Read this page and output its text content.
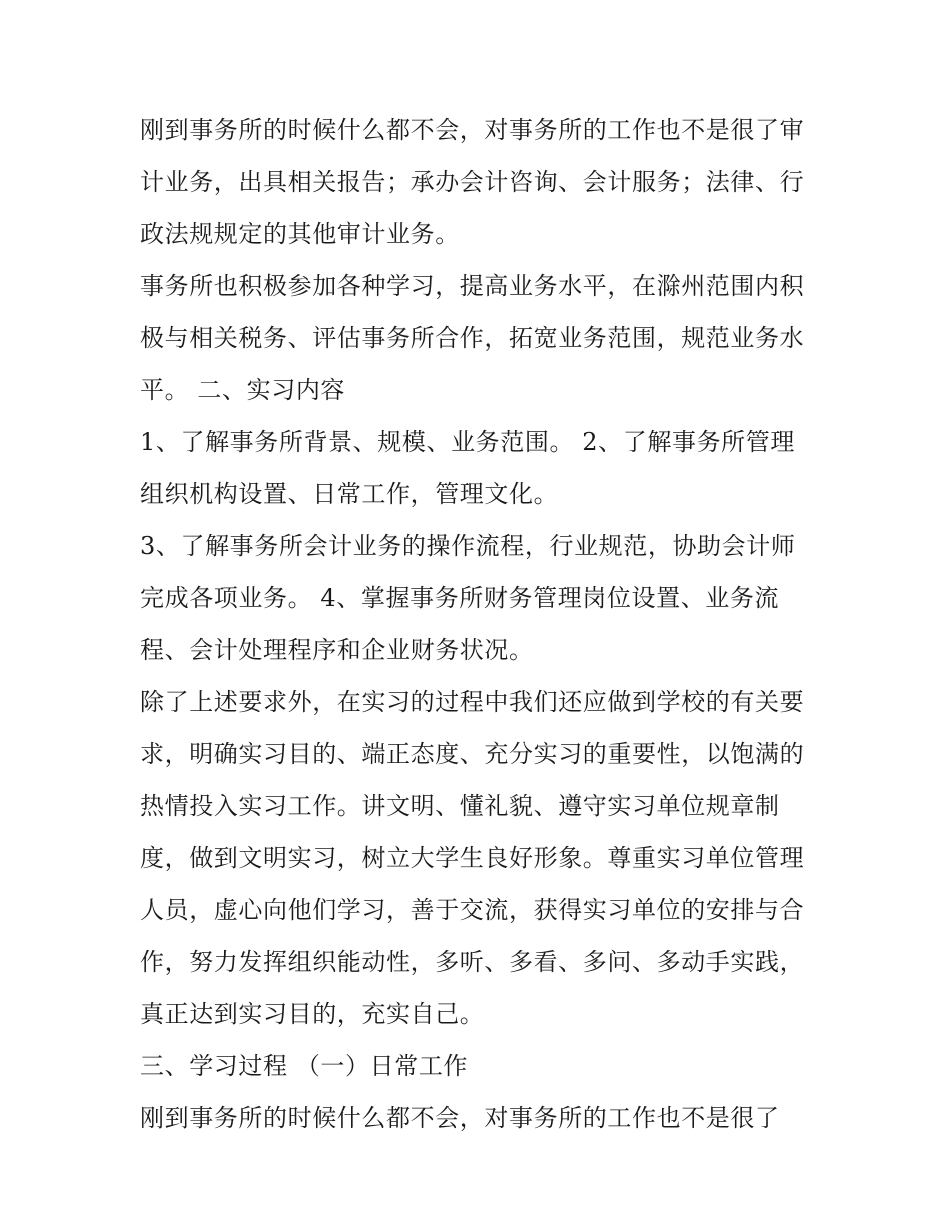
刚到事务所的时候什么都不会，对事务所的工作也不是很了审
计业务，出具相关报告；承办会计咨询、会计服务；法律、行
政法规规定的其他审计业务。
事务所也积极参加各种学习，提高业务水平，在滁州范围内积
极与相关税务、评估事务所合作，拓宽业务范围，规范业务水
平。 二、实习内容
1、了解事务所背景、规模、业务范围。 2、了解事务所管理
组织机构设置、日常工作，管理文化。
3、了解事务所会计业务的操作流程，行业规范，协助会计师
完成各项业务。 4、掌握事务所财务管理岗位设置、业务流
程、会计处理程序和企业财务状况。
除了上述要求外，在实习的过程中我们还应做到学校的有关要
求，明确实习目的、端正态度、充分实习的重要性，以饱满的
热情投入实习工作。讲文明、懂礼貌、遵守实习单位规章制
度，做到文明实习，树立大学生良好形象。尊重实习单位管理
人员，虚心向他们学习，善于交流，获得实习单位的安排与合
作，努力发挥组织能动性，多听、多看、多问、多动手实践，
真正达到实习目的，充实自己。
三、学习过程 （一）日常工作
刚到事务所的时候什么都不会，对事务所的工作也不是很了
